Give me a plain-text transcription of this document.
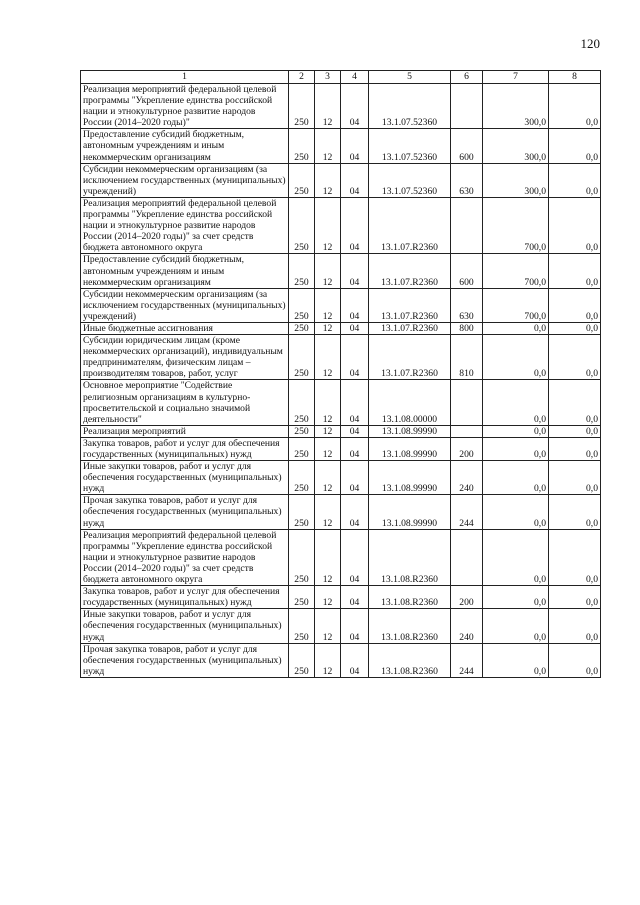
120
1	2	3	4	5	6	7	8
Реализация мероприятий федеральной целевой программы "Укрепление единства российской нации и этнокультурное развитие народов России (2014–2020 годы)"	250	12	04	13.1.07.52360		300,0	0,0
Предоставление субсидий бюджетным, автономным учреждениям и иным некоммерческим организациям	250	12	04	13.1.07.52360	600	300,0	0,0
Субсидии некоммерческим организациям (за исключением государственных (муниципальных) учреждений)	250	12	04	13.1.07.52360	630	300,0	0,0
Реализация мероприятий федеральной целевой программы "Укрепление единства российской нации и этнокультурное развитие народов России (2014–2020 годы)" за счет средств бюджета автономного округа	250	12	04	13.1.07.R2360		700,0	0,0
Предоставление субсидий бюджетным, автономным учреждениям и иным некоммерческим организациям	250	12	04	13.1.07.R2360	600	700,0	0,0
Субсидии некоммерческим организациям (за исключением государственных (муниципальных) учреждений)	250	12	04	13.1.07.R2360	630	700,0	0,0
Иные бюджетные ассигнования	250	12	04	13.1.07.R2360	800	0,0	0,0
Субсидии юридическим лицам (кроме некоммерческих организаций), индивидуальным предпринимателям, физическим лицам – производителям товаров, работ, услуг	250	12	04	13.1.07.R2360	810	0,0	0,0
Основное мероприятие "Содействие религиозным организациям в культурно-просветительской и социально значимой деятельности"	250	12	04	13.1.08.00000		0,0	0,0
Реализация мероприятий	250	12	04	13.1.08.99990		0,0	0,0
Закупка товаров, работ и услуг для обеспечения государственных (муниципальных) нужд	250	12	04	13.1.08.99990	200	0,0	0,0
Иные закупки товаров, работ и услуг для обеспечения государственных (муниципальных) нужд	250	12	04	13.1.08.99990	240	0,0	0,0
Прочая закупка товаров, работ и услуг для обеспечения государственных (муниципальных) нужд	250	12	04	13.1.08.99990	244	0,0	0,0
Реализация мероприятий федеральной целевой программы "Укрепление единства российской нации и этнокультурное развитие народов России (2014–2020 годы)" за счет средств бюджета автономного округа	250	12	04	13.1.08.R2360		0,0	0,0
Закупка товаров, работ и услуг для обеспечения государственных (муниципальных) нужд	250	12	04	13.1.08.R2360	200	0,0	0,0
Иные закупки товаров, работ и услуг для обеспечения государственных (муниципальных) нужд	250	12	04	13.1.08.R2360	240	0,0	0,0
Прочая закупка товаров, работ и услуг для обеспечения государственных (муниципальных) нужд	250	12	04	13.1.08.R2360	244	0,0	0,0
